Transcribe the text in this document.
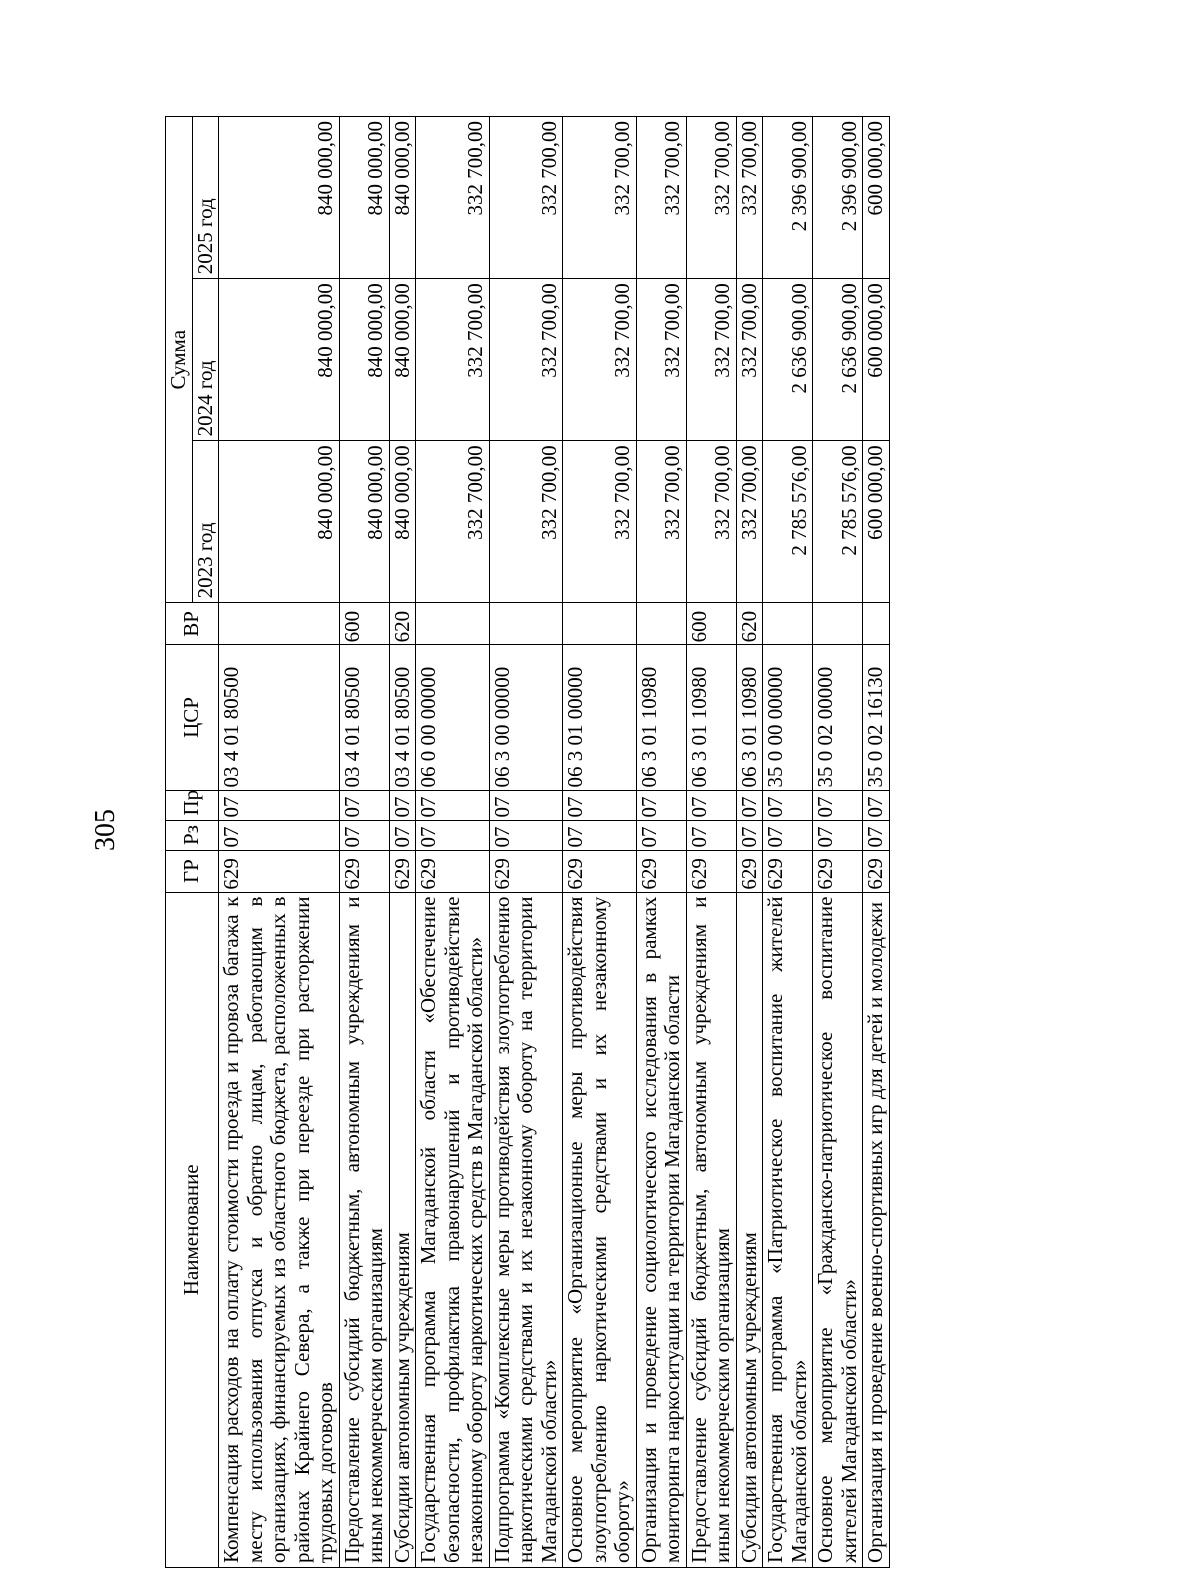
305
Наименование	ГР	Рз	Пр	ЦСР	ВР	Сумма		
						2023 год	2024 год	2025 год
Компенсация расходов на оплату стоимости проезда и провоза багажа к месту использования отпуска и обратно лицам, работающим в организациях, финансируемых из областного бюджета, расположенных в районах Крайнего Севера, а также при переезде при расторжении трудовых договоров	629	07	07	03 4 01 80500		840 000,00	840 000,00	840 000,00
Предоставление субсидий бюджетным, автономным учреждениям и иным некоммерческим организациям	629	07	07	03 4 01 80500	600	840 000,00	840 000,00	840 000,00
Субсидии автономным учреждениям	629	07	07	03 4 01 80500	620	840 000,00	840 000,00	840 000,00
Государственная программа Магаданской области «Обеспечение безопасности, профилактика правонарушений и противодействие незаконному обороту наркотических средств в Магаданской области»	629	07	07	06 0 00 00000		332 700,00	332 700,00	332 700,00
Подпрограмма «Комплексные меры противодействия злоупотреблению наркотическими средствами и их незаконному обороту на территории Магаданской области»	629	07	07	06 3 00 00000		332 700,00	332 700,00	332 700,00
Основное мероприятие «Организационные меры противодействия злоупотреблению наркотическими средствами и их незаконному обороту»	629	07	07	06 3 01 00000		332 700,00	332 700,00	332 700,00
Организация и проведение социологического исследования в рамках мониторинга наркоситуации на территории Магаданской области	629	07	07	06 3 01 10980		332 700,00	332 700,00	332 700,00
Предоставление субсидий бюджетным, автономным учреждениям и иным некоммерческим организациям	629	07	07	06 3 01 10980	600	332 700,00	332 700,00	332 700,00
Субсидии автономным учреждениям	629	07	07	06 3 01 10980	620	332 700,00	332 700,00	332 700,00
Государственная программа «Патриотическое воспитание жителей Магаданской области»	629	07	07	35 0 00 00000		2 785 576,00	2 636 900,00	2 396 900,00
Основное мероприятие «Гражданско-патриотическое воспитание жителей Магаданской области»	629	07	07	35 0 02 00000		2 785 576,00	2 636 900,00	2 396 900,00
Организация и проведение военно-спортивных игр для детей и молодежи	629	07	07	35 0 02 16130		600 000,00	600 000,00	600 000,00
